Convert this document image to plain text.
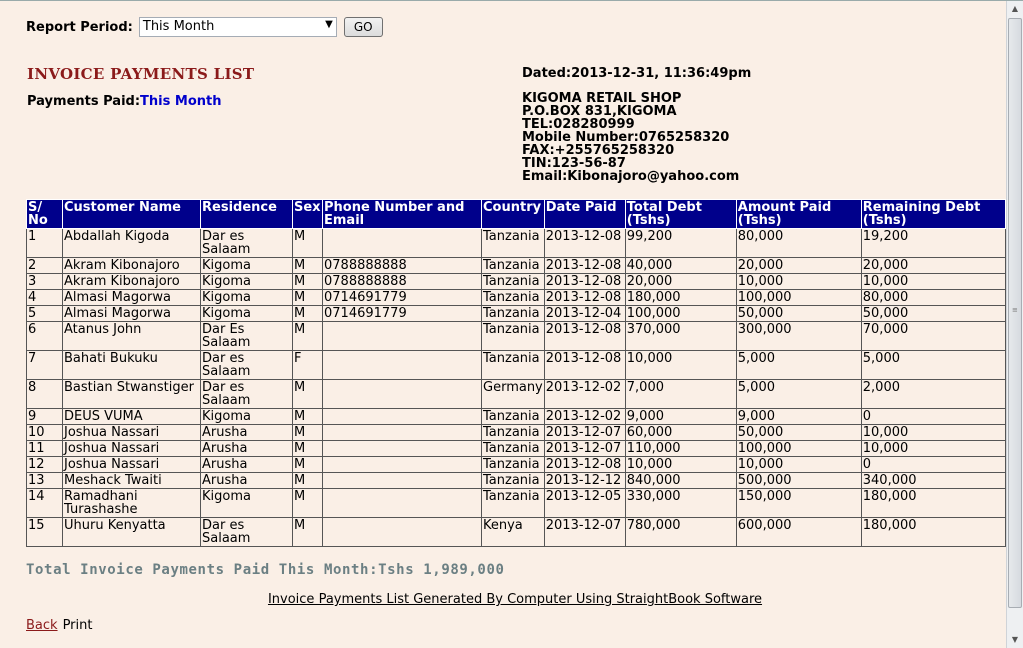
Report Period: This Month	▼	GO
INVOICE PAYMENTS LIST
Payments Paid:This Month
Dated:2013-12-31, 11:36:49pm
KIGOMA RETAIL SHOP
P.O.BOX 831,KIGOMA
TEL:028280999
Mobile Number:0765258320
FAX:+255765258320
TIN:123-56-87
Email:Kibonajoro@yahoo.com
S/ No	Customer Name	Residence	Sex	Phone Number and Email	Country	Date Paid	Total Debt (Tshs)	Amount Paid (Tshs)	Remaining Debt (Tshs)
1	Abdallah Kigoda	Dar es Salaam	M		Tanzania	2013-12-08	99,200	80,000	19,200
2	Akram Kibonajoro	Kigoma	M	0788888888	Tanzania	2013-12-08	40,000	20,000	20,000
3	Akram Kibonajoro	Kigoma	M	0788888888	Tanzania	2013-12-08	20,000	10,000	10,000
4	Almasi Magorwa	Kigoma	M	0714691779	Tanzania	2013-12-08	180,000	100,000	80,000
5	Almasi Magorwa	Kigoma	M	0714691779	Tanzania	2013-12-04	100,000	50,000	50,000
6	Atanus John	Dar Es Salaam	M		Tanzania	2013-12-08	370,000	300,000	70,000
7	Bahati Bukuku	Dar es Salaam	F		Tanzania	2013-12-08	10,000	5,000	5,000
8	Bastian Stwanstiger	Dar es Salaam	M		Germany	2013-12-02	7,000	5,000	2,000
9	DEUS VUMA	Kigoma	M		Tanzania	2013-12-02	9,000	9,000	0
10	Joshua Nassari	Arusha	M		Tanzania	2013-12-07	60,000	50,000	10,000
11	Joshua Nassari	Arusha	M		Tanzania	2013-12-07	110,000	100,000	10,000
12	Joshua Nassari	Arusha	M		Tanzania	2013-12-08	10,000	10,000	0
13	Meshack Twaiti	Arusha	M		Tanzania	2013-12-12	840,000	500,000	340,000
14	Ramadhani Turashashe	Kigoma	M		Tanzania	2013-12-05	330,000	150,000	180,000
15	Uhuru Kenyatta	Dar es Salaam	M		Kenya	2013-12-07	780,000	600,000	180,000
Total Invoice Payments Paid This Month:Tshs 1,989,000
Invoice Payments List Generated By Computer Using StraightBook Software
Back Print
▲
≡
▼
